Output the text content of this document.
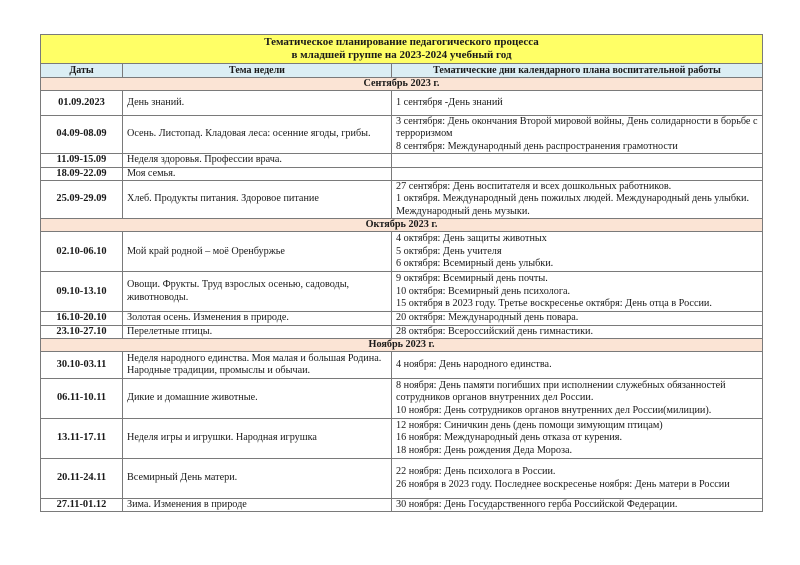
Тематическое планирование педагогического процесса
в младшей группе на 2023-2024 учебный год		

Даты	Тема недели	Тематические дни календарного плана воспитательной работы
Сентябрь 2023 г.		
01.09.2023	День знаний.	1 сентября -День знаний

04.09-08.09	Осень. Листопад. Кладовая леса: осенние ягоды, грибы.	3 сентября: День окончания Второй мировой войны, День солидарности в борьбе с терроризмом
8 сентября: Международный день распространения грамотности

11.09-15.09	Неделя здоровья. Профессии врача.	
18.09-22.09	Моя семья.	
25.09-29.09	Хлеб. Продукты питания. Здоровое питание	27 сентября: День воспитателя и всех дошкольных работников.
1 октября. Международный день пожилых людей. Международный день улыбки. Международный день музыки.

Октябрь 2023 г.		
02.10-06.10	Мой край родной – моё Оренбуржье	4 октября: День защиты животных
5 октября: День учителя
6 октября: Всемирный день улыбки.

09.10-13.10	Овощи. Фрукты. Труд взрослых осенью, садоводы, животноводы.	9 октября: Всемирный день почты.
10 октября: Всемирный день психолога.
15 октября в 2023 году. Третье воскресенье октября: День отца в России.

16.10-20.10	Золотая осень. Изменения в природе.	20 октября: Международный день повара.

23.10-27.10	Перелетные птицы.	28 октября: Всероссийский день гимнастики.

Ноябрь 2023 г.		
30.10-03.11	Неделя народного единства. Моя малая и большая Родина. Народные традиции, промыслы и обычаи.	4 ноября: День народного единства.

06.11-10.11	Дикие и домашние животные.	8 ноября: День памяти погибших при исполнении служебных обязанностей сотрудников органов внутренних дел России.
10 ноября: День сотрудников органов внутренних дел России(милиции).

13.11-17.11	Неделя игры и игрушки. Народная игрушка	12 ноября: Синичкин день (день помощи зимующим птицам)
16 ноября: Международный день отказа от курения.
18 ноября: День рождения Деда Мороза.

20.11-24.11	Всемирный День матери.	22 ноября: День психолога в России.
26 ноября в 2023 году. Последнее воскресенье ноября: День матери в России

27.11-01.12	Зима. Изменения в природе	30 ноября: День Государственного герба Российской Федерации.
